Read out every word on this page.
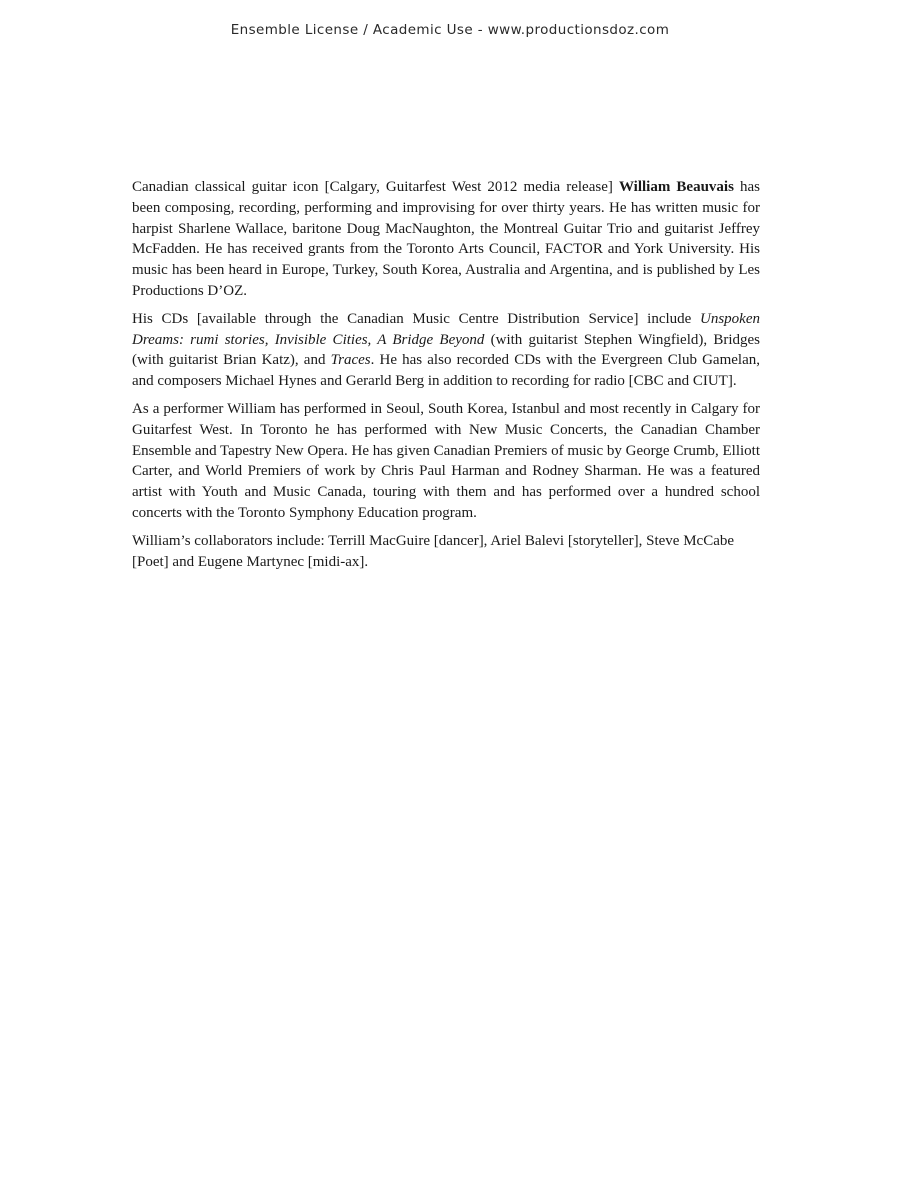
Ensemble License / Academic Use - www.productionsdoz.com

Canadian classical guitar icon [Calgary, Guitarfest West 2012 media release] William Beauvais has been composing, recording, performing and improvising for over thirty years. He has written music for harpist Sharlene Wallace, baritone Doug MacNaughton, the Montreal Guitar Trio and guitarist Jeffrey McFadden. He has received grants from the Toronto Arts Council, FACTOR and York University. His music has been heard in Europe, Turkey, South Korea, Australia and Argentina, and is published by Les Productions D’OZ.

His CDs [available through the Canadian Music Centre Distribution Service] include Unspoken Dreams: rumi stories, Invisible Cities, A Bridge Beyond (with guitarist Stephen Wingfield), Bridges (with guitarist Brian Katz), and Traces. He has also recorded CDs with the Evergreen Club Gamelan, and composers Michael Hynes and Gerarld Berg in addition to recording for radio [CBC and CIUT].

As a performer William has performed in Seoul, South Korea, Istanbul and most recently in Calgary for Guitarfest West. In Toronto he has performed with New Music Concerts, the Canadian Chamber Ensemble and Tapestry New Opera. He has given Canadian Premiers of music by George Crumb, Elliott Carter, and World Premiers of work by Chris Paul Harman and Rodney Sharman. He was a featured artist with Youth and Music Canada, touring with them and has performed over a hundred school concerts with the Toronto Symphony Education program.

William’s collaborators include: Terrill MacGuire [dancer], Ariel Balevi [storyteller], Steve McCabe [Poet] and Eugene Martynec [midi-ax].
